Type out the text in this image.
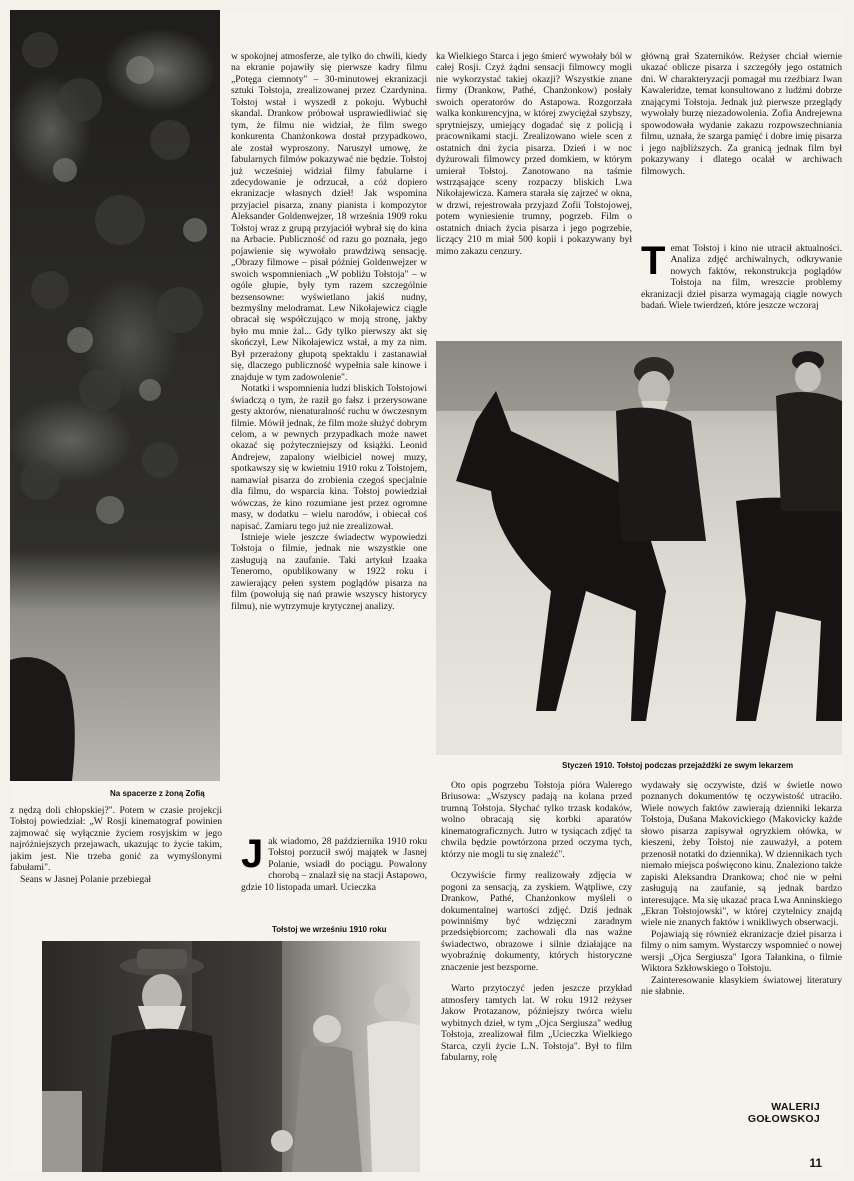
Na spacerze z żoną Zofią

z nędzą doli chłopskiej?". Potem w czasie projekcji Tołstoj powiedział: „W Rosji kinematograf powinien zajmować się wyłącznie życiem rosyjskim w jego najróżniejszych przejawach, ukazując to życie takim, jakim jest. Nie trzeba gonić za wymyślonymi fabułami".

Seans w Jasnej Polanie przebiegał

w spokojnej atmosferze, ale tylko do chwili, kiedy na ekranie pojawiły się pierwsze kadry filmu „Potęga ciemnoty" – 30-minutowej ekranizacji sztuki Tołstoja, zrealizowanej przez Czardynina. Tołstoj wstał i wyszedł z pokoju. Wybuchł skandal. Drankow próbował usprawiedliwiać się tym, że filmu nie widział, że film swego konkurenta Chanżonkowa dostał przypadkowo, ale został wyproszony. Naruszył umowę, że fabularnych filmów pokazywać nie będzie. Tołstoj już wcześniej widział filmy fabularne i zdecydowanie je odrzucał, a cóż dopiero ekranizacje własnych dzieł! Jak wspomina przyjaciel pisarza, znany pianista i kompozytor Aleksander Goldenwejzer, 18 września 1909 roku Tołstoj wraz z grupą przyjaciół wybrał się do kina na Arbacie. Publiczność od razu go poznała, jego pojawienie się wywołało prawdziwą sensację. „Obrazy filmowe – pisał później Goldenwejzer w swoich wspomnieniach „W pobliżu Tołstoja" – w ogóle głupie, były tym razem szczególnie bezsensowne: wyświetlano jakiś nudny, bezmyślny melodramat. Lew Nikołajewicz ciągle obracał się współczująco w moją stronę, jakby było mu mnie żal... Gdy tylko pierwszy akt się skończył, Lew Nikołajewicz wstał, a my za nim. Był przerażony głupotą spektaklu i zastanawiał się, dlaczego publiczność wypełnia sale kinowe i znajduje w tym zadowolenie".

Notatki i wspomnienia ludzi bliskich Tołstojowi świadczą o tym, że raził go fałsz i przerysowane gesty aktorów, nienaturalność ruchu w ówczesnym filmie. Mówił jednak, że film może służyć dobrym celom, a w pewnych przypadkach może nawet okazać się pożyteczniejszy od książki. Leonid Andrejew, zapalony wielbiciel nowej muzy, spotkawszy się w kwietniu 1910 roku z Tołstojem, namawiał pisarza do zrobienia czegoś specjalnie dla filmu, do wsparcia kina. Tołstoj powiedział wówczas, że kino rozumiane jest przez ogromne masy, w dodatku – wielu narodów, i obiecał coś napisać. Zamiaru tego już nie zrealizował.

Istnieje wiele jeszcze świadectw wypowiedzi Tołstoja o filmie, jednak nie wszystkie one zasługują na zaufanie. Taki artykuł Izaaka Teneromo, opublikowany w 1922 roku i zawierający pełen system poglądów pisarza na film (powołują się nań prawie wszyscy historycy filmu), nie wytrzymuje krytycznej analizy.

J ak wiadomo, 28 października 1910 roku Tołstoj porzucił swój majątek w Jasnej Polanie, wsiadł do pociągu. Powalony chorobą – znalazł się na stacji Astapowo, gdzie 10 listopada umarł. Ucieczka

Tołstoj we wrześniu 1910 roku

ka Wielkiego Starca i jego śmierć wywołały ból w całej Rosji. Czyż żądni sensacji filmowcy mogli nie wykorzystać takiej okazji? Wszystkie znane firmy (Drankow, Pathé, Chanżonkow) posłały swoich operatorów do Astapowa. Rozgorzała walka konkurencyjna, w której zwyciężał szybszy, sprytniejszy, umiejący dogadać się z policją i pracownikami stacji. Zrealizowano wiele scen z ostatnich dni życia pisarza. Dzień i w noc dyżurowali filmowcy przed domkiem, w którym umierał Tołstoj. Zanotowano na taśmie wstrząsające sceny rozpaczy bliskich Lwa Nikołajewicza. Kamera starała się zajrzeć w okna, w drzwi, rejestrowała przyjazd Zofii Tołstojowej, potem wyniesienie trumny, pogrzeb. Film o ostatnich dniach życia pisarza i jego pogrzebie, liczący 210 m miał 500 kopii i pokazywany był mimo zakazu cenzury.

główną grał Szaterników. Reżyser chciał wiernie ukazać oblicze pisarza i szczegóły jego ostatnich dni. W charakteryzacji pomagał mu rzeźbiarz Iwan Kawaleridze, temat konsultowano z ludźmi dobrze znającymi Tołstoja. Jednak już pierwsze przeglądy wywołały burzę niezadowolenia. Zofia Andrejewna spowodowała wydanie zakazu rozpowszechniania filmu, uznała, że szarga pamięć i dobre imię pisarza i jego najbliższych. Za granicą jednak film był pokazywany i dlatego ocalał w archiwach filmowych.

T emat Tołstoj i kino nie utracił aktualności. Analiza zdjęć archiwalnych, odkrywanie nowych faktów, rekonstrukcja poglądów Tołstoja na film, wreszcie problemy ekranizacji dzieł pisarza wymagają ciągle nowych badań. Wiele twierdzeń, które jeszcze wczoraj

Styczeń 1910. Tołstoj podczas przejażdżki ze swym lekarzem

Oto opis pogrzebu Tołstoja pióra Walerego Briusowa: „Wszyscy padają na kolana przed trumną Tołstoja. Słychać tylko trzask kodaków, wolno obracają się korbki aparatów kinematograficznych. Jutro w tysiącach zdjęć ta chwila będzie powtórzona przed oczyma tych, którzy nie mogli tu się znaleźć".

Oczywiście firmy realizowały zdjęcia w pogoni za sensacją, za zyskiem. Wątpliwe, czy Drankow, Pathé, Chanżonkow myśleli o dokumentalnej wartości zdjęć. Dziś jednak powinniśmy być wdzięczni zaradnym przedsiębiorcom; zachowali dla nas ważne świadectwo, obrazowe i silnie działające na wyobraźnię dokumenty, których historyczne znaczenie jest bezsporne.

Warto przytoczyć jeden jeszcze przykład atmosfery tamtych lat. W roku 1912 reżyser Jakow Protazanow, późniejszy twórca wielu wybitnych dzieł, w tym „Ojca Sergiusza" według Tołstoja, zrealizował film „Ucieczka Wielkiego Starca, czyli życie L.N. Tołstoja". Był to film fabularny, rolę

wydawały się oczywiste, dziś w świetle nowo poznanych dokumentów tę oczywistość utraciło. Wiele nowych faktów zawierają dzienniki lekarza Tołstoja, Dušana Makovickiego (Makovicky każde słowo pisarza zapisywał ogryzkiem ołówka, w kieszeni, żeby Tołstoj nie zauważył, a potem przenosił notatki do dziennika). W dziennikach tych niemało miejsca poświęcono kinu. Znaleziono także zapiski Aleksandra Drankowa; choć nie w pełni zasługują na zaufanie, są jednak bardzo interesujące. Ma się ukazać praca Lwa Anninskiego „Ekran Tołstojowski", w której czytelnicy znajdą wiele nie znanych faktów i wnikliwych obserwacji.

Pojawiają się również ekranizacje dzieł pisarza i filmy o nim samym. Wystarczy wspomnieć o nowej wersji „Ojca Sergiusza" Igora Tałankina, o filmie Wiktora Szkłowskiego o Tołstoju.

Zainteresowanie klasykiem światowej literatury nie słabnie.

WALERIJ
GOŁOWSKOJ
11
